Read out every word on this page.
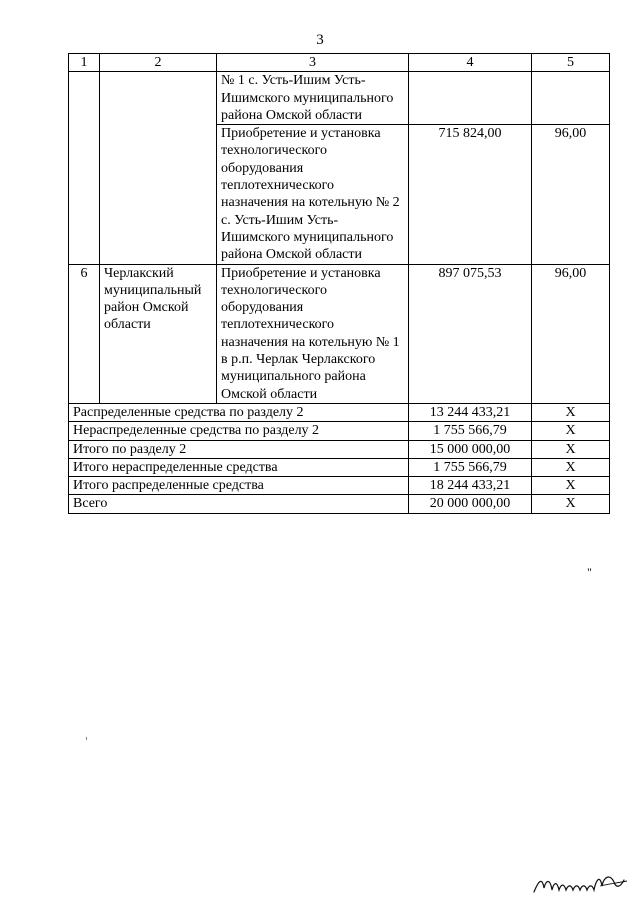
3
1	2	3	4	5
		№ 1 с. Усть-Ишим Усть-Ишимского муниципального района Омской области		
		Приобретение и установка технологического оборудования теплотехнического назначения на котельную № 2 с. Усть-Ишим Усть-Ишимского муниципального района Омской области	715 824,00	96,00
6	Черлакский муниципальный район Омской области	Приобретение и установка технологического оборудования теплотехнического назначения на котельную № 1 в р.п. Черлак Черлакского муниципального района Омской области	897 075,53	96,00
Распределенные средства по разделу 2			13 244 433,21	X
Нераспределенные средства по разделу 2			1 755 566,79	X
Итого по разделу 2			15 000 000,00	X
Итого нераспределенные средства			1 755 566,79	X
Итого распределенные средства			18 244 433,21	X
Всего			20 000 000,00	X
"
